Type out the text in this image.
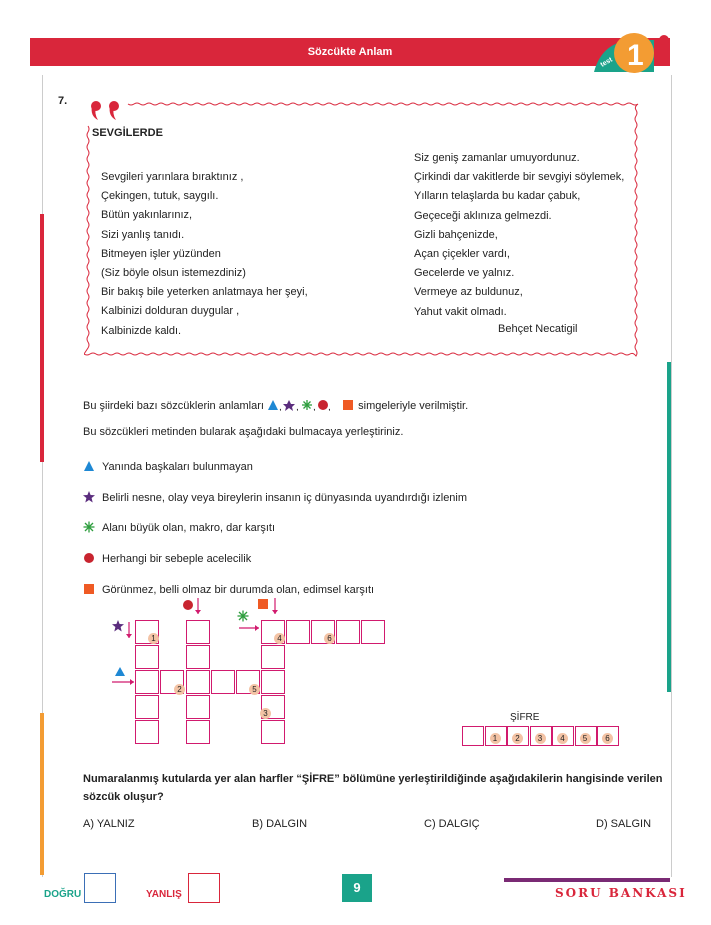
Sözcükte Anlam
test 1
7.
SEVGİLERDE
Sevgileri yarınlara bıraktınız ,
Çekingen, tutuk, saygılı.
Bütün yakınlarınız,
Sizi yanlış tanıdı.
Bitmeyen işler yüzünden
(Siz böyle olsun istemezdiniz)
Bir bakış bile yeterken anlatmaya her şeyi,
Kalbinizi dolduran duygular ,
Kalbinizde kaldı.
Siz geniş zamanlar umuyordunuz.
Çirkindi dar vakitlerde bir sevgiyi söylemek,
Yılların telaşlarda bu kadar çabuk,
Geçeceği aklınıza gelmezdi.
Gizli bahçenizde,
Açan çiçekler vardı,
Gecelerde ve yalnız.
Vermeye az buldunuz,
Yahut vakit olmadı.
Behçet Necatigil
Bu şiirdeki bazı sözcüklerin anlamları , , , , simgeleriyle verilmiştir.
Bu sözcükleri metinden bularak aşağıdaki bulmacaya yerleştiriniz.
Yanında başkaları bulunmayan
Belirli nesne, olay veya bireylerin insanın iç dünyasında uyandırdığı izlenim
Alanı büyük olan, makro, dar karşıtı
Herhangi bir sebeple acelecilik
Görünmez, belli olmaz bir durumda olan, edimsel karşıtı
1
2
3
4
5
6
ŞİFRE
1	2	3	4	5	6
Numaralanmış kutularda yer alan harfler “ŞİFRE” bölümüne yerleştirildiğinde aşağıdakilerin hangisinde verilen sözcük oluşur?
A) YALNIZ	B) DALGIN	C) DALGIÇ	D) SALGIN
DOĞRU	YANLIŞ	9	SORU BANKASI
